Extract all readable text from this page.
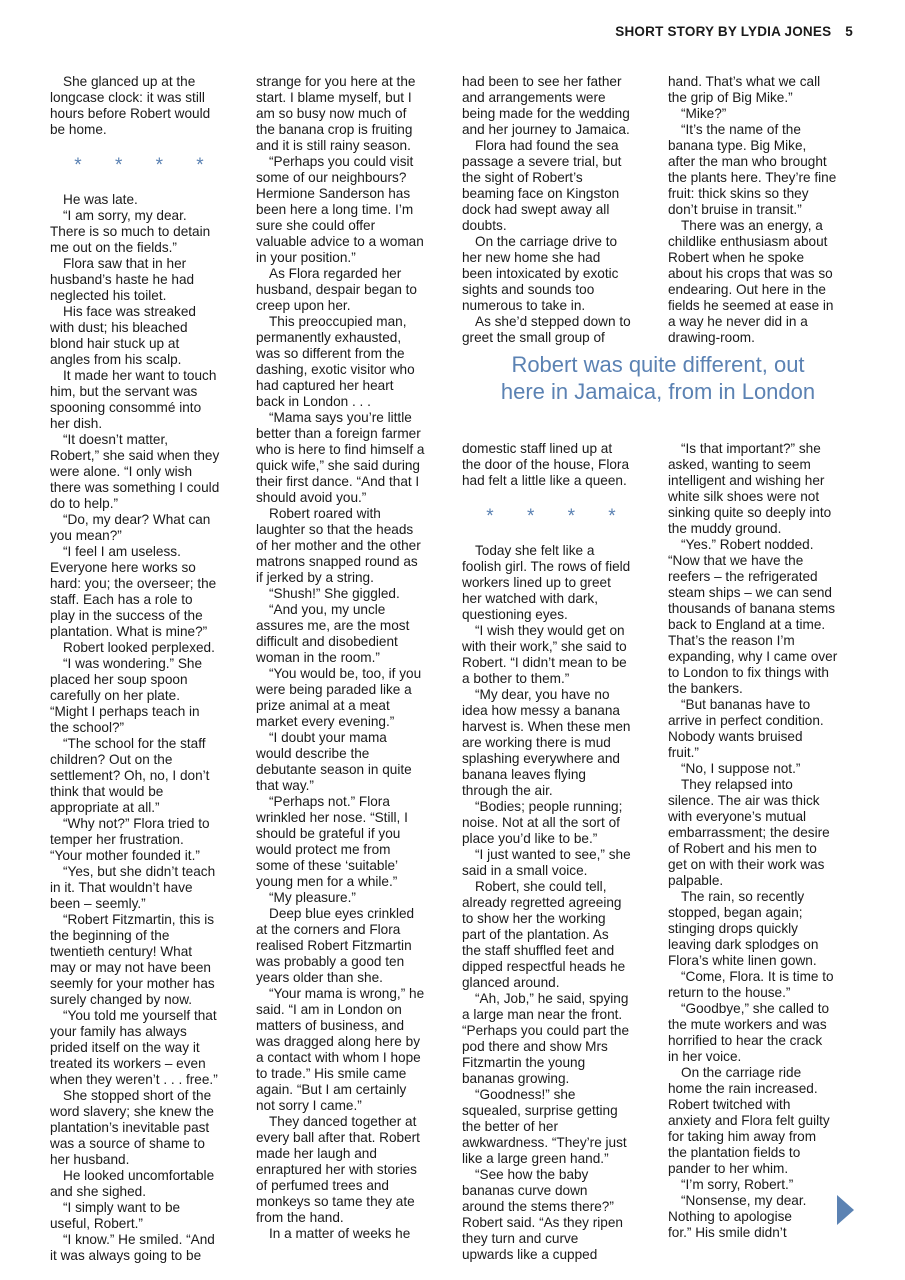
SHORT STORY BY LYDIA JONES 5

She glanced up at the
longcase clock: it was still
hours before Robert would
be home.

* * * *

He was late.

“I am sorry, my dear.
There is so much to detain
me out on the fields.”

Flora saw that in her
husband’s haste he had
neglected his toilet.

His face was streaked
with dust; his bleached
blond hair stuck up at
angles from his scalp.

It made her want to touch
him, but the servant was
spooning consommé into
her dish.

“It doesn’t matter,
Robert,” she said when they
were alone. “I only wish
there was something I could
do to help.”

“Do, my dear? What can
you mean?”

“I feel I am useless.
Everyone here works so
hard: you; the overseer; the
staff. Each has a role to
play in the success of the
plantation. What is mine?”

Robert looked perplexed.

“I was wondering.” She
placed her soup spoon
carefully on her plate.
“Might I perhaps teach in
the school?”

“The school for the staff
children? Out on the
settlement? Oh, no, I don’t
think that would be
appropriate at all.”

“Why not?” Flora tried to
temper her frustration.
“Your mother founded it.”

“Yes, but she didn’t teach
in it. That wouldn’t have
been – seemly.”

“Robert Fitzmartin, this is
the beginning of the
twentieth century! What
may or may not have been
seemly for your mother has
surely changed by now.

“You told me yourself that
your family has always
prided itself on the way it
treated its workers – even
when they weren’t . . . free.”

She stopped short of the
word slavery; she knew the
plantation’s inevitable past
was a source of shame to
her husband.

He looked uncomfortable
and she sighed.

“I simply want to be
useful, Robert.”

“I know.” He smiled. “And
it was always going to be

strange for you here at the
start. I blame myself, but I
am so busy now much of
the banana crop is fruiting
and it is still rainy season.

“Perhaps you could visit
some of our neighbours?
Hermione Sanderson has
been here a long time. I’m
sure she could offer
valuable advice to a woman
in your position.”

As Flora regarded her
husband, despair began to
creep upon her.

This preoccupied man,
permanently exhausted,
was so different from the
dashing, exotic visitor who
had captured her heart
back in London . . .

“Mama says you’re little
better than a foreign farmer
who is here to find himself a
quick wife,” she said during
their first dance. “And that I
should avoid you.”

Robert roared with
laughter so that the heads
of her mother and the other
matrons snapped round as
if jerked by a string.

“Shush!” She giggled.

“And you, my uncle
assures me, are the most
difficult and disobedient
woman in the room.”

“You would be, too, if you
were being paraded like a
prize animal at a meat
market every evening.”

“I doubt your mama
would describe the
debutante season in quite
that way.”

“Perhaps not.” Flora
wrinkled her nose. “Still, I
should be grateful if you
would protect me from
some of these ‘suitable’
young men for a while.”

“My pleasure.”

Deep blue eyes crinkled
at the corners and Flora
realised Robert Fitzmartin
was probably a good ten
years older than she.

“Your mama is wrong,” he
said. “I am in London on
matters of business, and
was dragged along here by
a contact with whom I hope
to trade.” His smile came
again. “But I am certainly
not sorry I came.”

They danced together at
every ball after that. Robert
made her laugh and
enraptured her with stories
of perfumed trees and
monkeys so tame they ate
from the hand.

In a matter of weeks he

had been to see her father
and arrangements were
being made for the wedding
and her journey to Jamaica.

Flora had found the sea
passage a severe trial, but
the sight of Robert’s
beaming face on Kingston
dock had swept away all
doubts.

On the carriage drive to
her new home she had
been intoxicated by exotic
sights and sounds too
numerous to take in.

As she’d stepped down to
greet the small group of

hand. That’s what we call
the grip of Big Mike.”

“Mike?”

“It’s the name of the
banana type. Big Mike,
after the man who brought
the plants here. They’re fine
fruit: thick skins so they
don’t bruise in transit.”

There was an energy, a
childlike enthusiasm about
Robert when he spoke
about his crops that was so
endearing. Out here in the
fields he seemed at ease in
a way he never did in a
drawing-room.

Robert was quite different, out
here in Jamaica, from in London

domestic staff lined up at
the door of the house, Flora
had felt a little like a queen.

* * * *

Today she felt like a
foolish girl. The rows of field
workers lined up to greet
her watched with dark,
questioning eyes.

“I wish they would get on
with their work,” she said to
Robert. “I didn’t mean to be
a bother to them.”

“My dear, you have no
idea how messy a banana
harvest is. When these men
are working there is mud
splashing everywhere and
banana leaves flying
through the air.

“Bodies; people running;
noise. Not at all the sort of
place you’d like to be.”

“I just wanted to see,” she
said in a small voice.

Robert, she could tell,
already regretted agreeing
to show her the working
part of the plantation. As
the staff shuffled feet and
dipped respectful heads he
glanced around.

“Ah, Job,” he said, spying
a large man near the front.
“Perhaps you could part the
pod there and show Mrs
Fitzmartin the young
bananas growing.

“Goodness!” she
squealed, surprise getting
the better of her
awkwardness. “They’re just
like a large green hand.”

“See how the baby
bananas curve down
around the stems there?”
Robert said. “As they ripen
they turn and curve
upwards like a cupped

“Is that important?” she
asked, wanting to seem
intelligent and wishing her
white silk shoes were not
sinking quite so deeply into
the muddy ground.

“Yes.” Robert nodded.
“Now that we have the
reefers – the refrigerated
steam ships – we can send
thousands of banana stems
back to England at a time.
That’s the reason I’m
expanding, why I came over
to London to fix things with
the bankers.

“But bananas have to
arrive in perfect condition.
Nobody wants bruised
fruit.”

“No, I suppose not.”

They relapsed into
silence. The air was thick
with everyone’s mutual
embarrassment; the desire
of Robert and his men to
get on with their work was
palpable.

The rain, so recently
stopped, began again;
stinging drops quickly
leaving dark splodges on
Flora’s white linen gown.

“Come, Flora. It is time to
return to the house.”

“Goodbye,” she called to
the mute workers and was
horrified to hear the crack
in her voice.

On the carriage ride
home the rain increased.
Robert twitched with
anxiety and Flora felt guilty
for taking him away from
the plantation fields to
pander to her whim.

“I’m sorry, Robert.”

“Nonsense, my dear.
Nothing to apologise
for.” His smile didn’t
